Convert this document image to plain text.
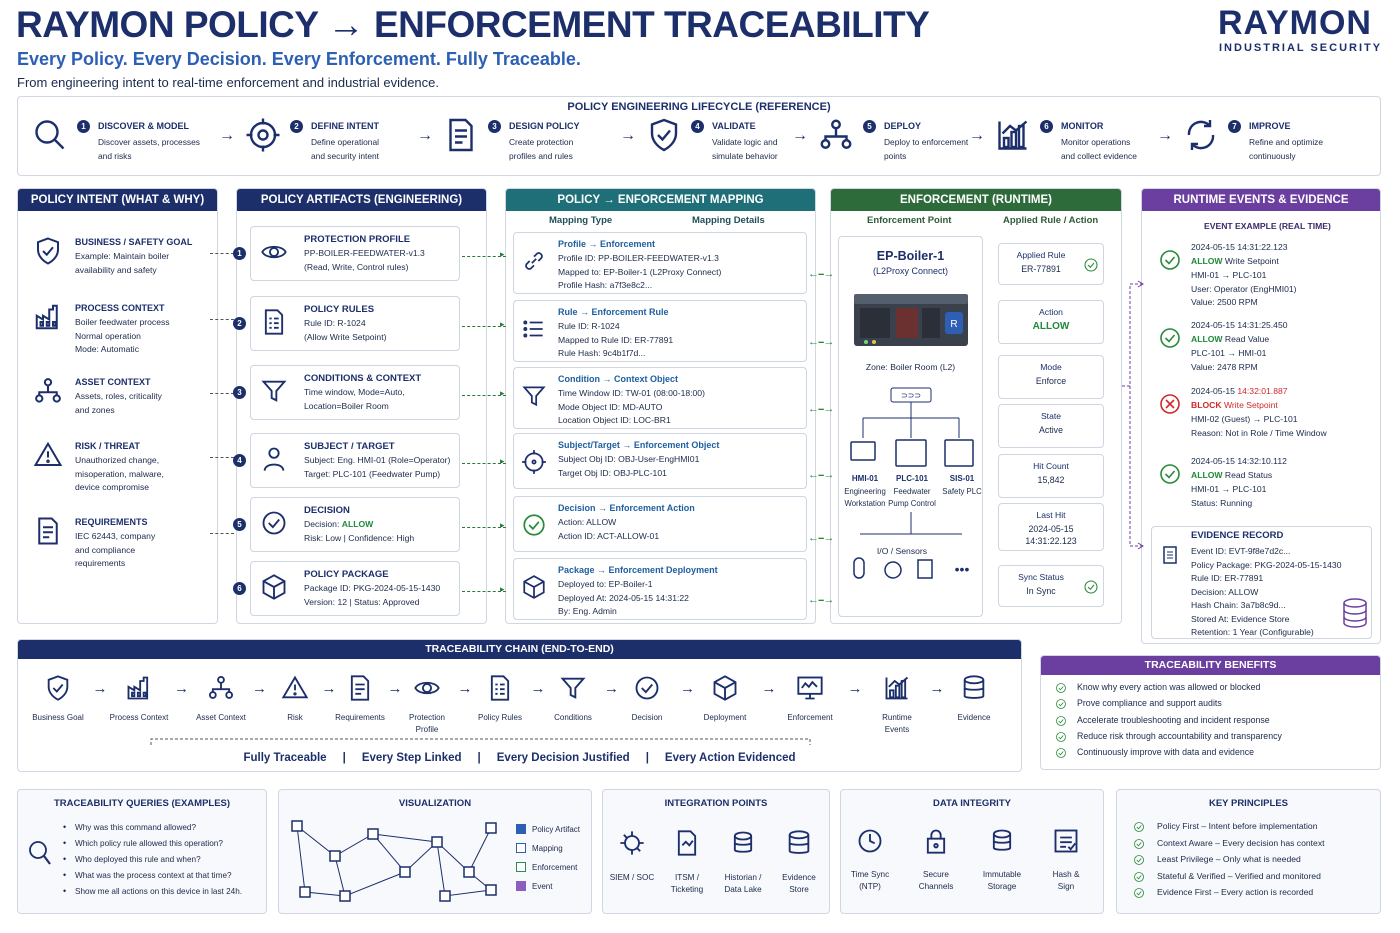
RAYMON POLICY → ENFORCEMENT TRACEABILITY
Every Policy. Every Decision. Every Enforcement. Fully Traceable.
From engineering intent to real-time enforcement and industrial evidence.
RAYMON
INDUSTRIAL SECURITY
POLICY ENGINEERING LIFECYCLE (REFERENCE)
1	DISCOVER & MODEL
Discover assets, processes
and risks
→
2	DEFINE INTENT
Define operational
and security intent
→
3	DESIGN POLICY
Create protection
profiles and rules
→
4	VALIDATE
Validate logic and
simulate behavior
→
5	DEPLOY
Deploy to enforcement
points
→
6	MONITOR
Monitor operations
and collect evidence
→
7	IMPROVE
Refine and optimize
continuously
POLICY INTENT (WHAT & WHY)	POLICY ARTIFACTS (ENGINEERING)	POLICY → ENFORCEMENT MAPPING
Mapping Type	Mapping Details
ENFORCEMENT (RUNTIME)
Enforcement Point	Applied Rule / Action
RUNTIME EVENTS & EVIDENCE
EVENT EXAMPLE (REAL TIME)
BUSINESS / SAFETY GOAL
Example: Maintain boiler
availability and safety
PROCESS CONTEXT
Boiler feedwater process
Normal operation
Mode: Automatic
ASSET CONTEXT
Assets, roles, criticality
and zones
RISK / THREAT
Unauthorized change,
misoperation, malware,
device compromise
REQUIREMENTS
IEC 62443, company
and compliance
requirements
1
PROTECTION PROFILE
PP-BOILER-FEEDWATER-v1.3
(Read, Write, Control rules)
▸
2
POLICY RULES
Rule ID: R-1024
(Allow Write Setpoint)
▸
3
CONDITIONS & CONTEXT
Time window, Mode=Auto,
Location=Boiler Room
▸
4
SUBJECT / TARGET
Subject: Eng. HMI-01 (Role=Operator)
Target: PLC-101 (Feedwater Pump)
▸
5
DECISION
Decision: ALLOW
Risk: Low | Confidence: High
▸
6
POLICY PACKAGE
Package ID: PKG-2024-05-15-1430
Version: 12 | Status: Approved
▸
Profile → Enforcement
Profile ID: PP-BOILER-FEEDWATER-v1.3
Mapped to: EP-Boiler-1 (L2Proxy Connect)
Profile Hash: a7f3e8c2...
←--→
Rule → Enforcement Rule
Rule ID: R-1024
Mapped to Rule ID: ER-77891
Rule Hash: 9c4b1f7d...
←--→
Condition → Context Object
Time Window ID: TW-01 (08:00-18:00)
Mode Object ID: MD-AUTO
Location Object ID: LOC-BR1
←--→
Subject/Target → Enforcement Object
Subject Obj ID: OBJ-User-EngHMI01
Target Obj ID: OBJ-PLC-101	←--→
Decision → Enforcement Action
Action: ALLOW
Action ID: ACT-ALLOW-01	←--→
Package → Enforcement Deployment
Deployed to: EP-Boiler-1
Deployed At: 2024-05-15 14:31:22
By: Eng. Admin
←--→
EP-Boiler-1
(L2Proxy Connect)
R
Zone: Boiler Room (L2)
⊃⊃⊃
•••
HMI-01
Engineering
Workstation
PLC-101
Feedwater
Pump Control
SIS-01
Safety PLC
I/O / Sensors
Applied Rule
ER-77891
Action
ALLOW
Mode
Enforce
State
Active
Hit Count
15,842
Last Hit
2024-05-15
14:31:22.123
Sync Status
In Sync
2024-05-15 14:31:22.123
ALLOW Write Setpoint
HMI-01 → PLC-101
User: Operator (EngHMI01)
Value: 2500 RPM
2024-05-15 14:31:25.450
ALLOW Read Value
PLC-101 → HMI-01
Value: 2478 RPM
2024-05-15 14:32:01.887
BLOCK Write Setpoint
HMI-02 (Guest) → PLC-101
Reason: Not in Role / Time Window
2024-05-15 14:32:10.112
ALLOW Read Status
HMI-01 → PLC-101
Status: Running
EVIDENCE RECORD
Event ID: EVT-9f8e7d2c...
Policy Package: PKG-2024-05-15-1430
Rule ID: ER-77891
Decision: ALLOW
Hash Chain: 3a7b8c9d...
Stored At: Evidence Store
Retention: 1 Year (Configurable)
TRACEABILITY CHAIN (END-TO-END)
Business Goal
→
Process Context
→
Asset Context
→
Risk
→
Requirements
→
Protection
Profile
→
Policy Rules
→
Conditions
→
Decision
→
Deployment
→
Enforcement
→
Runtime
Events
→
Evidence
Fully Traceable | Every Step Linked | Every Decision Justified | Every Action Evidenced
TRACEABILITY BENEFITS
Know why every action was allowed or blocked
Prove compliance and support audits
Accelerate troubleshooting and incident response
Reduce risk through accountability and transparency
Continuously improve with data and evidence
TRACEABILITY QUERIES (EXAMPLES)
• Why was this command allowed?
• Which policy rule allowed this operation?
• Who deployed this rule and when?
• What was the process context at that time?
• Show me all actions on this device in last 24h.
VISUALIZATION
Policy Artifact
Mapping
Enforcement
Event
INTEGRATION POINTS
SIEM / SOC	ITSM /
Ticketing
Historian /
Data Lake
Evidence
Store
DATA INTEGRITY
Time Sync
(NTP)
Secure
Channels
Immutable
Storage
Hash &
Sign
KEY PRINCIPLES
Policy First – Intent before implementation
Context Aware – Every decision has context
Least Privilege – Only what is needed
Stateful & Verified – Verified and monitored
Evidence First – Every action is recorded
